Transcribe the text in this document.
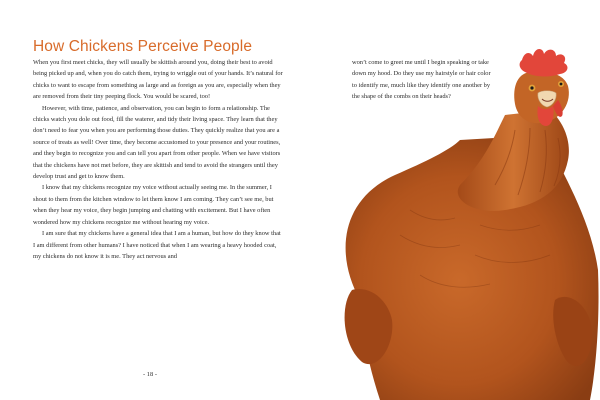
How Chickens Perceive People

When you first meet chicks, they will usually be skittish around you, doing their best to avoid being picked up and, when you do catch them, trying to wriggle out of your hands. It’s natural for chicks to want to escape from something as large and as foreign as you are, especially when they are removed from their tiny peeping flock. You would be scared, too!

However, with time, patience, and observation, you can begin to form a relationship. The chicks watch you dole out food, fill the waterer, and tidy their living space. They learn that they don’t need to fear you when you are performing those duties. They quickly realize that you are a source of treats as well! Over time, they become accustomed to your presence and your routines, and they begin to recognize you and can tell you apart from other people. When we have visitors that the chickens have not met before, they are skittish and tend to avoid the strangers until they develop trust and get to know them.

I know that my chickens recognize my voice without actually seeing me. In the summer, I shout to them from the kitchen window to let them know I am coming. They can’t see me, but when they hear my voice, they begin jumping and chatting with excitement. But I have often wondered how my chickens recognize me without hearing my voice.

I am sure that my chickens have a general idea that I am a human, but how do they know that I am different from other humans? I have noticed that when I am wearing a heavy hooded coat, my chickens do not know it is me. They act nervous and

- 18 -

won’t come to greet me until I begin speaking or take down my hood. Do they use my hairstyle or hair color to identify me, much like they identify one another by the shape of the combs on their heads?
